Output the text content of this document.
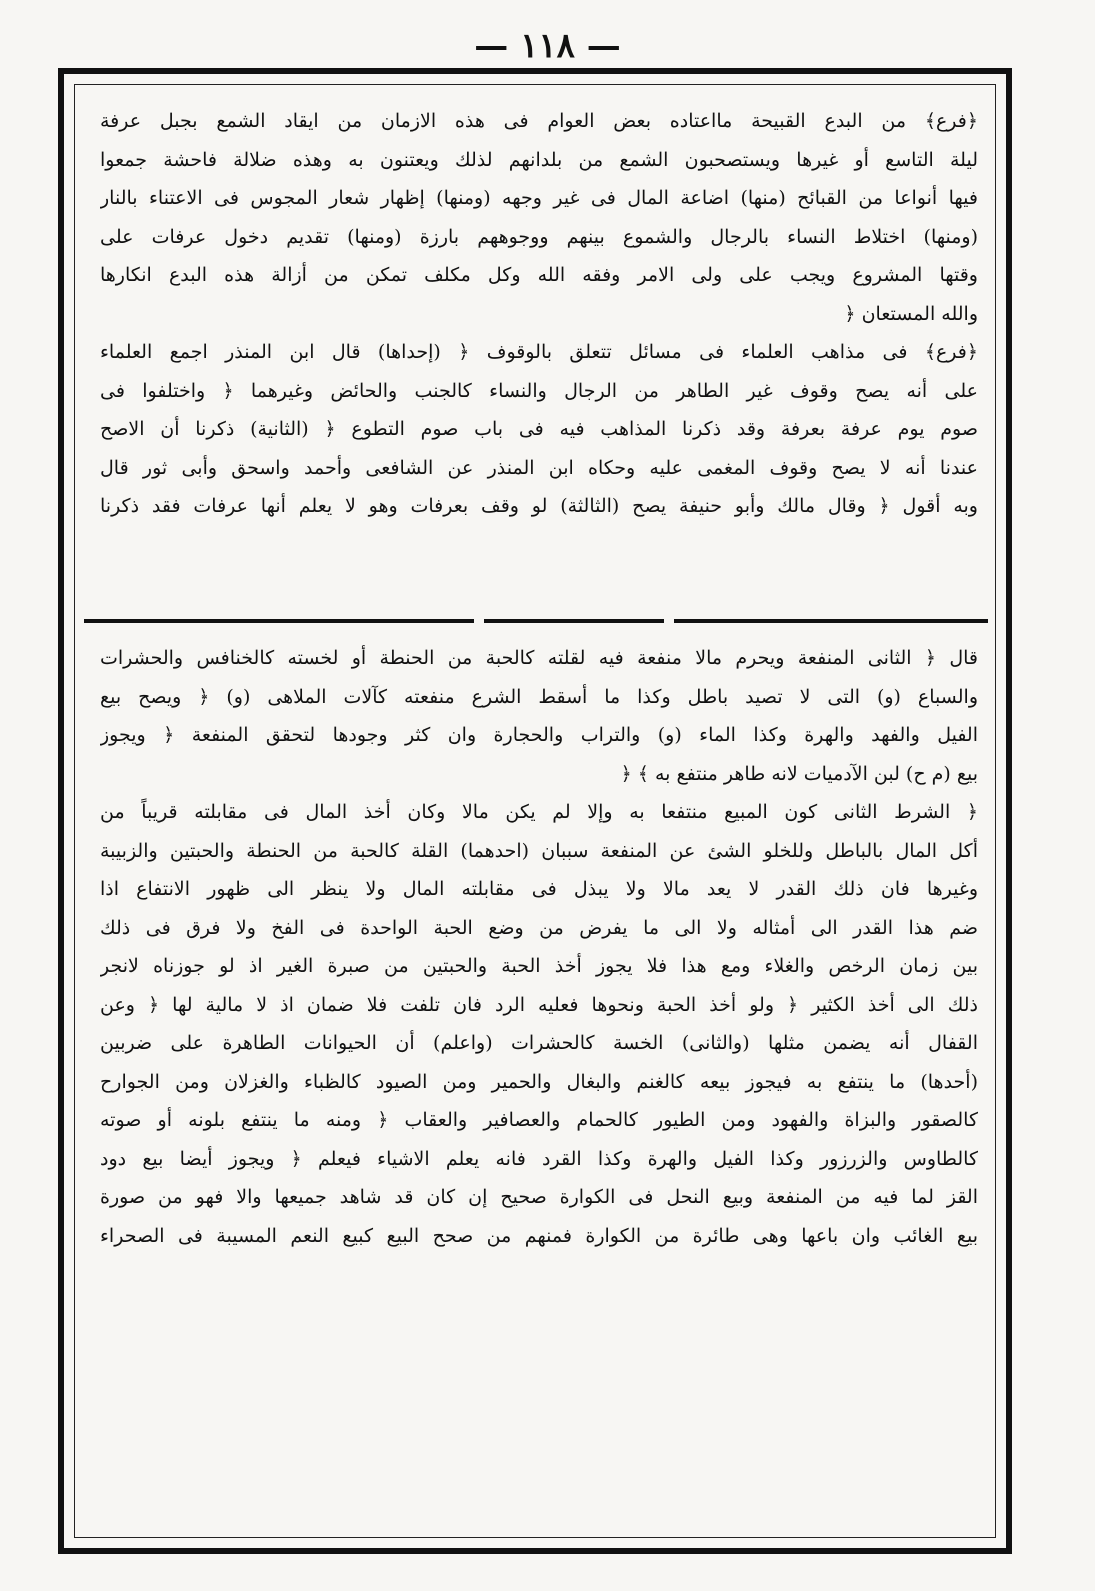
— ١١٨ —
﴿فرع﴾ من البدع القبيحة مااعتاده بعض العوام فى هذه الازمان من ايقاد الشمع بجبل عرفة
ليلة التاسع أو غيرها ويستصحبون الشمع من بلدانهم لذلك ويعتنون به وهذه ضلالة فاحشة جمعوا
فيها أنواعا من القبائح (منها) اضاعة المال فى غير وجهه (ومنها) إظهار شعار المجوس فى الاعتناء بالنار
(ومنها) اختلاط النساء بالرجال والشموع بينهم ووجوههم بارزة (ومنها) تقديم دخول عرفات على
وقتها المشروع ويجب على ولى الامر وفقه الله وكل مكلف تمكن من أزالة هذه البدع انكارها
والله المستعان ﴿
﴿فرع﴾ فى مذاهب العلماء فى مسائل تتعلق بالوقوف ﴿ (إحداها) قال ابن المنذر اجمع العلماء
على أنه يصح وقوف غير الطاهر من الرجال والنساء كالجنب والحائض وغيرهما ﴿ واختلفوا فى
صوم يوم عرفة بعرفة وقد ذكرنا المذاهب فيه فى باب صوم التطوع ﴿ (الثانية) ذكرنا أن الاصح
عندنا أنه لا يصح وقوف المغمى عليه وحكاه ابن المنذر عن الشافعى وأحمد واسحق وأبى ثور قال
وبه أقول ﴿ وقال مالك وأبو حنيفة يصح (الثالثة) لو وقف بعرفات وهو لا يعلم أنها عرفات فقد ذكرنا
قال ﴿ الثانى المنفعة ويحرم مالا منفعة فيه لقلته كالحبة من الحنطة أو لخسته كالخنافس والحشرات
والسباع (و) التى لا تصيد باطل وكذا ما أسقط الشرع منفعته كآلات الملاهى (و) ﴿ ويصح بيع
الفيل والفهد والهرة وكذا الماء (و) والتراب والحجارة وان كثر وجودها لتحقق المنفعة ﴿ ويجوز
بيع (م ح) لبن الآدميات لانه طاهر منتفع به ﴾ ﴿
﴿ الشرط الثانى كون المبيع منتفعا به وإلا لم يكن مالا وكان أخذ المال فى مقابلته قريباً من
أكل المال بالباطل وللخلو الشئ عن المنفعة سببان (احدهما) القلة كالحبة من الحنطة والحبتين والزبيبة
وغيرها فان ذلك القدر لا يعد مالا ولا يبذل فى مقابلته المال ولا ينظر الى ظهور الانتفاع اذا
ضم هذا القدر الى أمثاله ولا الى ما يفرض من وضع الحبة الواحدة فى الفخ ولا فرق فى ذلك
بين زمان الرخص والغلاء ومع هذا فلا يجوز أخذ الحبة والحبتين من صبرة الغير اذ لو جوزناه لانجر
ذلك الى أخذ الكثير ﴿ ولو أخذ الحبة ونحوها فعليه الرد فان تلفت فلا ضمان اذ لا مالية لها ﴿ وعن
القفال أنه يضمن مثلها (والثانى) الخسة كالحشرات (واعلم) أن الحيوانات الطاهرة على ضربين
(أحدها) ما ينتفع به فيجوز بيعه كالغنم والبغال والحمير ومن الصيود كالظباء والغزلان ومن الجوارح
كالصقور والبزاة والفهود ومن الطيور كالحمام والعصافير والعقاب ﴿ ومنه ما ينتفع بلونه أو صوته
كالطاوس والزرزور وكذا الفيل والهرة وكذا القرد فانه يعلم الاشياء فيعلم ﴿ ويجوز أيضا بيع دود
القز لما فيه من المنفعة وبيع النحل فى الكوارة صحيح إن كان قد شاهد جميعها والا فهو من صورة
بيع الغائب وان باعها وهى طائرة من الكوارة فمنهم من صحح البيع كبيع النعم المسيبة فى الصحراء
